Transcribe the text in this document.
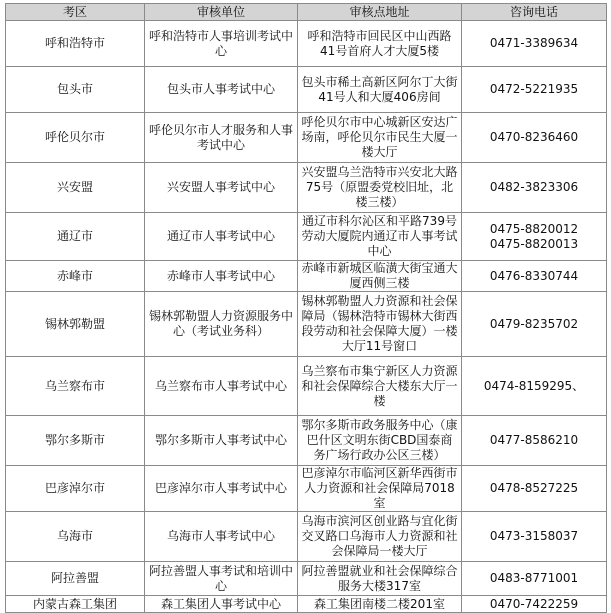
考区	审核单位	审核点地址	咨询电话
呼和浩特市	呼和浩特市人事培训考试中心	呼和浩特市回民区中山西路41号首府人才大厦5楼	0471-3389634

包头市	包头市人事考试中心	包头市稀土高新区阿尔丁大街41号人和大厦406房间	0472-5221935

呼伦贝尔市	呼伦贝尔市人才服务和人事考试中心	呼伦贝尔市中心城新区安达广场南，呼伦贝尔市民生大厦一楼大厅	0470-8236460

兴安盟	兴安盟人事考试中心	兴安盟乌兰浩特市兴安北大路75号（原盟委党校旧址，北楼三楼）	0482-3823306

通辽市	通辽市人事考试中心	通辽市科尔沁区和平路739号劳动大厦院内通辽市人事考试中心	0475-8820012
0475-8820013

赤峰市	赤峰市人事考试中心	赤峰市新城区临潢大街宝通大厦西侧三楼	0476-8330744

锡林郭勒盟	锡林郭勒盟人力资源服务中心（考试业务科）	锡林郭勒盟人力资源和社会保障局（锡林浩特市锡林大街西段劳动和社会保障大厦）一楼大厅11号窗口	0479-8235702

乌兰察布市	乌兰察布市人事考试中心	乌兰察布市集宁新区人力资源和社会保障综合大楼东大厅一楼	0474-8159295、

鄂尔多斯市	鄂尔多斯市人事考试中心	鄂尔多斯市政务服务中心（康巴什区文明东街CBD国泰商务广场行政办公区三楼）	0477-8586210

巴彦淖尔市	巴彦淖尔市人事考试中心	巴彦淖尔市临河区新华西街市人力资源和社会保障局7018室	0478-8527225

乌海市	乌海市人事考试中心	乌海市滨河区创业路与宜化街交叉路口乌海市人力资源和社会保障局一楼大厅	0473-3158037

阿拉善盟	阿拉善盟人事考试和培训中心	阿拉善盟就业和社会保障综合服务大楼317室	0483-8771001

内蒙古森工集团	森工集团人事考试中心	森工集团南楼二楼201室	0470-7422259
